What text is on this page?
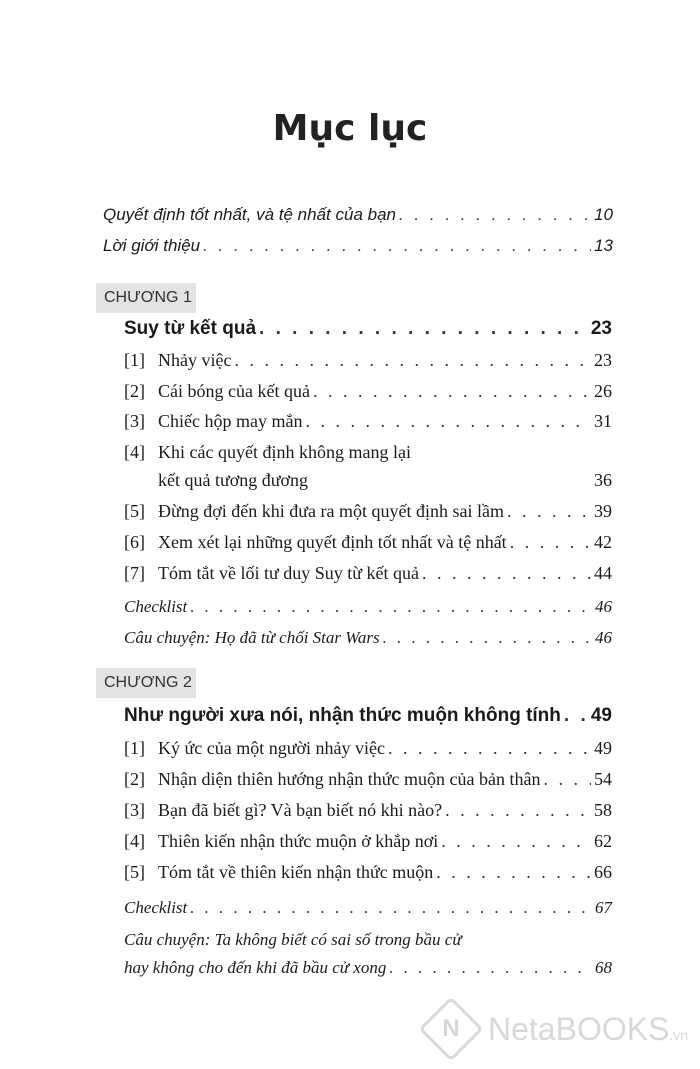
Mục lục
Quyết định tốt nhất, và tệ nhất của bạn . . .	10
Lời giới thiệu . . .	13
CHƯƠNG 1
Suy từ kết quả . . .	23
[1] Nhảy việc . . .	23
[2] Cái bóng của kết quả . . .	26
[3] Chiếc hộp may mắn . . .	31
[4] Khi các quyết định không mang lại
kết quả tương đương	36
[5] Đừng đợi đến khi đưa ra một quyết định sai lầm . . .	39
[6] Xem xét lại những quyết định tốt nhất và tệ nhất . . .	42
[7] Tóm tắt về lối tư duy Suy từ kết quả . . .	44
Checklist . . .	46
Câu chuyện: Họ đã từ chối Star Wars . . .	46
CHƯƠNG 2
Như người xưa nói, nhận thức muộn không tính . . . 49
[1] Ký ức của một người nhảy việc . . .	49
[2] Nhận diện thiên hướng nhận thức muộn của bản thân . . .	54
[3] Bạn đã biết gì? Và bạn biết nó khi nào? . . .	58
[4] Thiên kiến nhận thức muộn ở khắp nơi . . .	62
[5] Tóm tắt về thiên kiến nhận thức muộn . . .	66
Checklist . . .	67
Câu chuyện: Ta không biết có sai số trong bầu cử
hay không cho đến khi đã bầu cử xong . . .	68
N NetaBOOKS.vn
